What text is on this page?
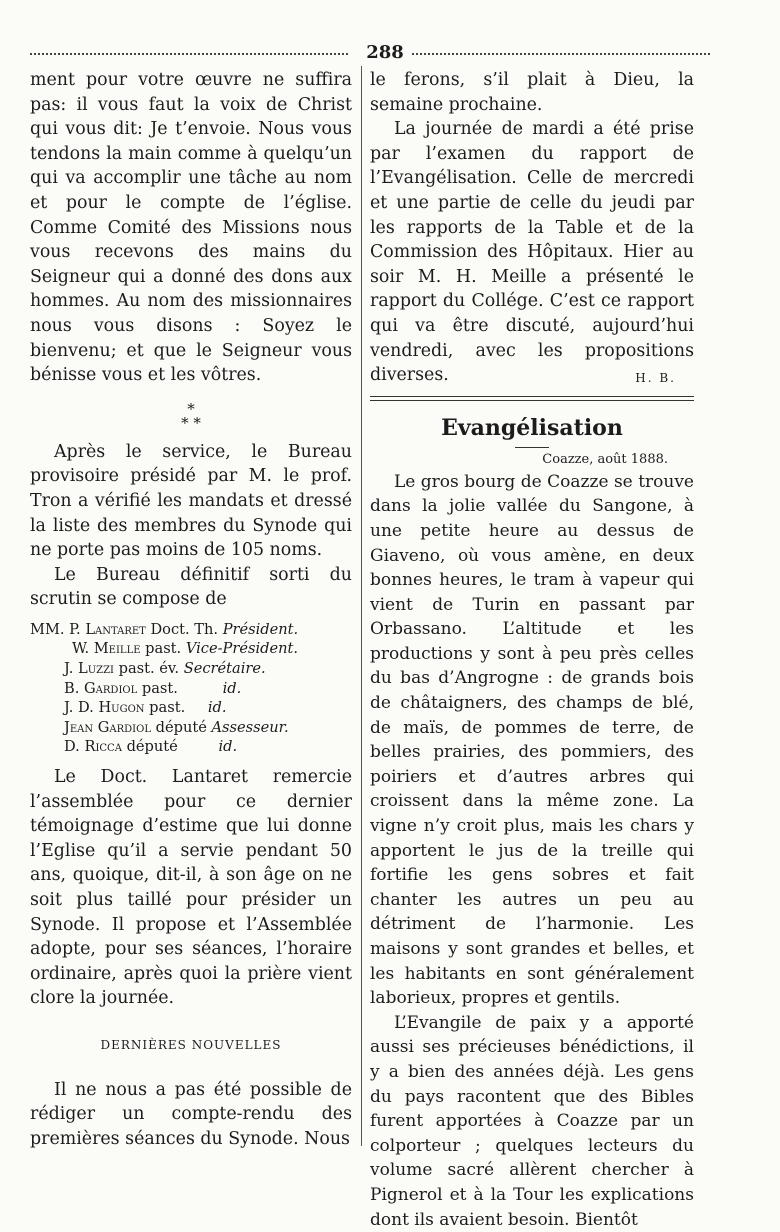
288

ment pour votre œuvre ne suffira pas: il vous faut la voix de Christ qui vous dit: Je t’envoie. Nous vous tendons la main comme à quelqu’un qui va accomplir une tâche au nom et pour le compte de l’église. Comme Comité des Missions nous vous recevons des mains du Seigneur qui a donné des dons aux hommes. Au nom des missionnaires nous vous disons : Soyez le bienvenu; et que le Seigneur vous bénisse vous et les vôtres.

*
* *

Après le service, le Bureau provisoire présidé par M. le prof. Tron a vérifié les mandats et dressé la liste des membres du Synode qui ne porte pas moins de 105 noms.

Le Bureau définitif sorti du scrutin se compose de

MM. P. Lantaret Doct. Th. Président.
W. Meille past. Vice-Président.
J. Luzzi past. év. Secrétaire.
B. Gardiol past.	id.
J. D. Hugon past. id.
Jean Gardiol député Assesseur.
D. Ricca député id.

Le Doct. Lantaret remercie l’assemblée pour ce dernier témoignage d’estime que lui donne l’Eglise qu’il a servie pendant 50 ans, quoique, dit-il, à son âge on ne soit plus taillé pour présider un Synode. Il propose et l’Assemblée adopte, pour ses séances, l’horaire ordinaire, après quoi la prière vient clore la journée.

DERNIÈRES NOUVELLES

Il ne nous a pas été possible de rédiger un compte-rendu des premières séances du Synode. Nous

le ferons, s’il plait à Dieu, la semaine prochaine.

La journée de mardi a été prise par l’examen du rapport de l’Evangélisation. Celle de mercredi et une partie de celle du jeudi par les rapports de la Table et de la Commission des Hôpitaux. Hier au soir M. H. Meille a présenté le rapport du Collége. C’est ce rapport qui va être discuté, aujourd’hui vendredi, avec les propositions diverses.	H. B.
Evangélisation
Coazze, août 1888.

Le gros bourg de Coazze se trouve dans la jolie vallée du Sangone, à une petite heure au dessus de Giaveno, où vous amène, en deux bonnes heures, le tram à vapeur qui vient de Turin en passant par Orbassano. L’altitude et les productions y sont à peu près celles du bas d’Angrogne : de grands bois de châtaigners, des champs de blé, de maïs, de pommes de terre, de belles prairies, des pommiers, des poiriers et d’autres arbres qui croissent dans la même zone. La vigne n’y croit plus, mais les chars y apportent le jus de la treille qui fortifie les gens sobres et fait chanter les autres un peu au détriment de l’harmonie. Les maisons y sont grandes et belles, et les habitants en sont généralement laborieux, propres et gentils.

L’Evangile de paix y a apporté aussi ses précieuses bénédictions, il y a bien des années déjà. Les gens du pays racontent que des Bibles furent apportées à Coazze par un colporteur ; quelques lecteurs du volume sacré allèrent chercher à Pignerol et à la Tour les explications dont ils avaient besoin. Bientôt
